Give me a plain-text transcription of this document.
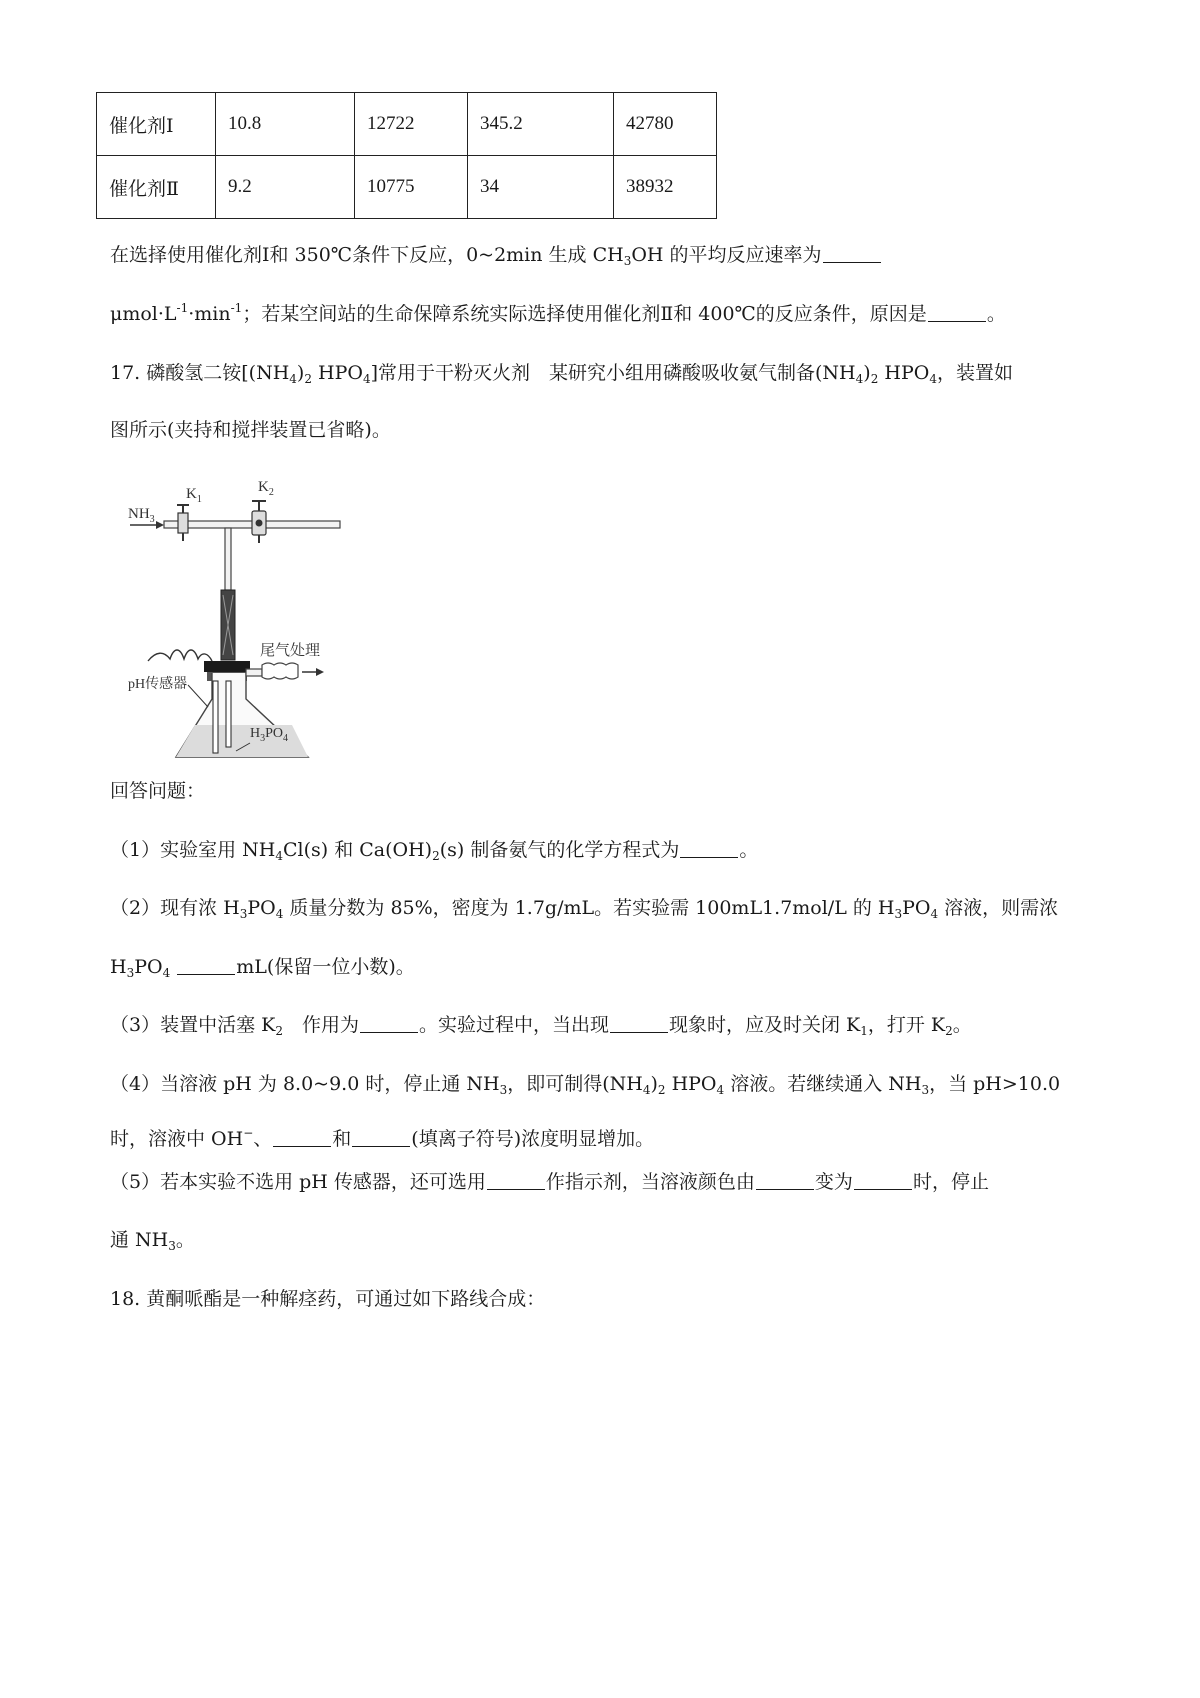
催化剂Ⅰ	10.8	12722	345.2	42780
催化剂Ⅱ	9.2	10775	34	38932
在选择使用催化剂Ⅰ和 350℃条件下反应，0~2min 生成 $CH_3OH$ 的平均反应速率为
$\mu mol\cdot L^{-1}\cdot\min^{-1}$；若某空间站的生命保障系统实际选择使用催化剂Ⅱ和 400℃的反应条件，原因是	。
17. 磷酸氢二铵[$(NH_4)_2$ $HPO_4$]常用于干粉灭火剂　某研究小组用磷酸吸收氨气制备$(NH_4)_2$ $HPO_4$，装置如
图所示(夹持和搅拌装置已省略)。
$NH_3$
$K_1$
$K_2$
尾气处理
pH传感器
$H_3PO_4$
回答问题：
（1）实验室用 $NH_4Cl(s)$ 和 $Ca(OH)_2(s)$ 制备氨气的化学方程式为	。
（2）现有浓 $H_3PO_4$ 质量分数为 85%，密度为 1.7g/mL。若实验需 100mL1.7mol/L 的 $H_3PO_4$ 溶液，则需浓
$H_3PO_4$	mL(保留一位小数)。
（3）装置中活塞 $K_2$　作用为	。实验过程中，当出现	现象时，应及时关闭 $K_1$，打开 $K_2$。
（4）当溶液 pH 为 8.0~9.0 时，停止通 $NH_3$，即可制得$(NH_4)_2$ $HPO_4$ 溶液。若继续通入 $NH_3$，当 pH>10.0
时，溶液中 OH−、	和	(填离子符号)浓度明显增加。
（5）若本实验不选用 pH 传感器，还可选用	作指示剂，当溶液颜色由	变为	时，停止
通 $NH_3$。
18. 黄酮哌酯是一种解痉药，可通过如下路线合成：
